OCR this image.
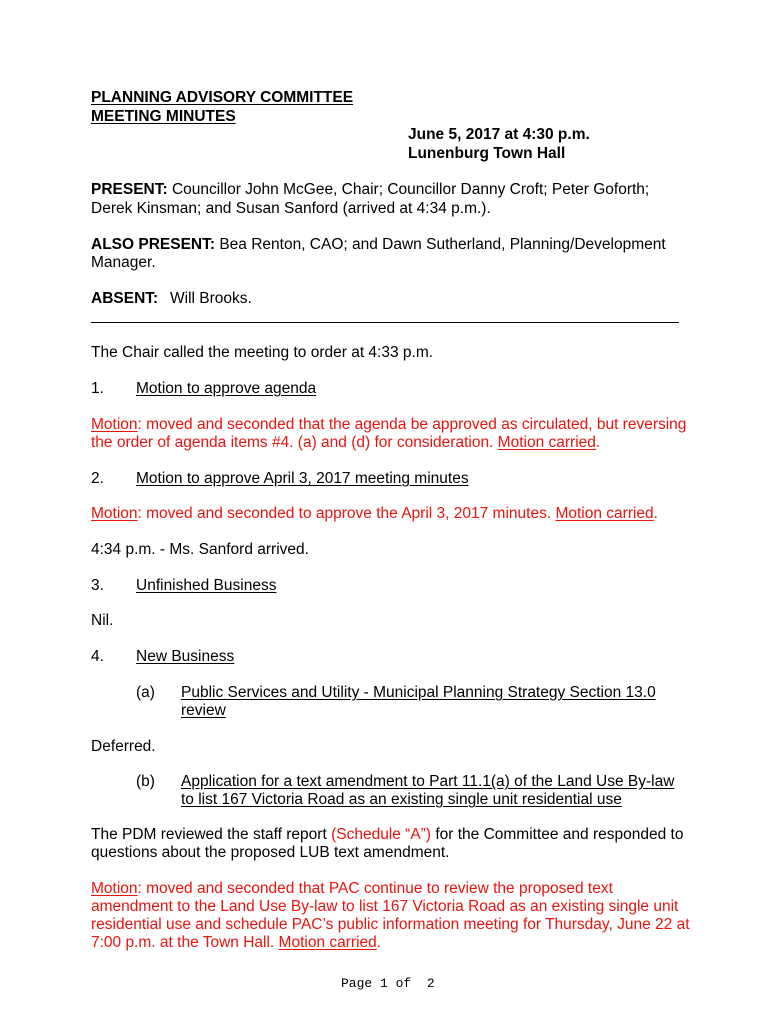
PLANNING ADVISORY COMMITTEE
MEETING MINUTES
June 5, 2017 at 4:30 p.m.
Lunenburg Town Hall
PRESENT: Councillor John McGee, Chair; Councillor Danny Croft; Peter Goforth;
Derek Kinsman; and Susan Sanford (arrived at 4:34 p.m.).
ALSO PRESENT: Bea Renton, CAO; and Dawn Sutherland, Planning/Development
Manager.
ABSENT: Will Brooks.
The Chair called the meeting to order at 4:33 p.m.
1. Motion to approve agenda
Motion: moved and seconded that the agenda be approved as circulated, but reversing
the order of agenda items #4. (a) and (d) for consideration. Motion carried.
2. Motion to approve April 3, 2017 meeting minutes
Motion: moved and seconded to approve the April 3, 2017 minutes. Motion carried.
4:34 p.m. - Ms. Sanford arrived.
3. Unfinished Business
Nil.
4. New Business
(a) Public Services and Utility - Municipal Planning Strategy Section 13.0
review
Deferred.
(b) Application for a text amendment to Part 11.1(a) of the Land Use By-law
to list 167 Victoria Road as an existing single unit residential use
The PDM reviewed the staff report (Schedule “A”) for the Committee and responded to
questions about the proposed LUB text amendment.
Motion: moved and seconded that PAC continue to review the proposed text
amendment to the Land Use By-law to list 167 Victoria Road as an existing single unit
residential use and schedule PAC’s public information meeting for Thursday, June 22 at
7:00 p.m. at the Town Hall. Motion carried.
Page 1 of  2
